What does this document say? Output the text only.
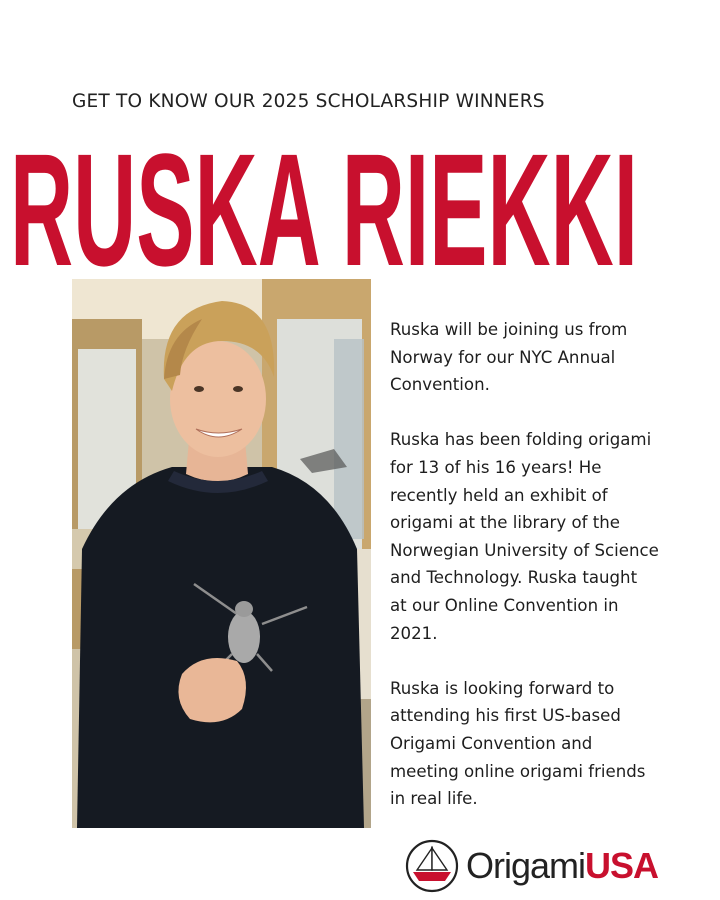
GET TO KNOW OUR 2025 SCHOLARSHIP WINNERS
RUSKA RIEKKI

Ruska will be joining us from
Norway for our NYC Annual
Convention.

Ruska has been folding origami
for 13 of his 16 years! He
recently held an exhibit of
origami at the library of the
Norwegian University of Science
and Technology. Ruska taught
at our Online Convention in
2021.

Ruska is looking forward to
attending his first US-based
Origami Convention and
meeting online origami friends
in real life.

OrigamiUSA
